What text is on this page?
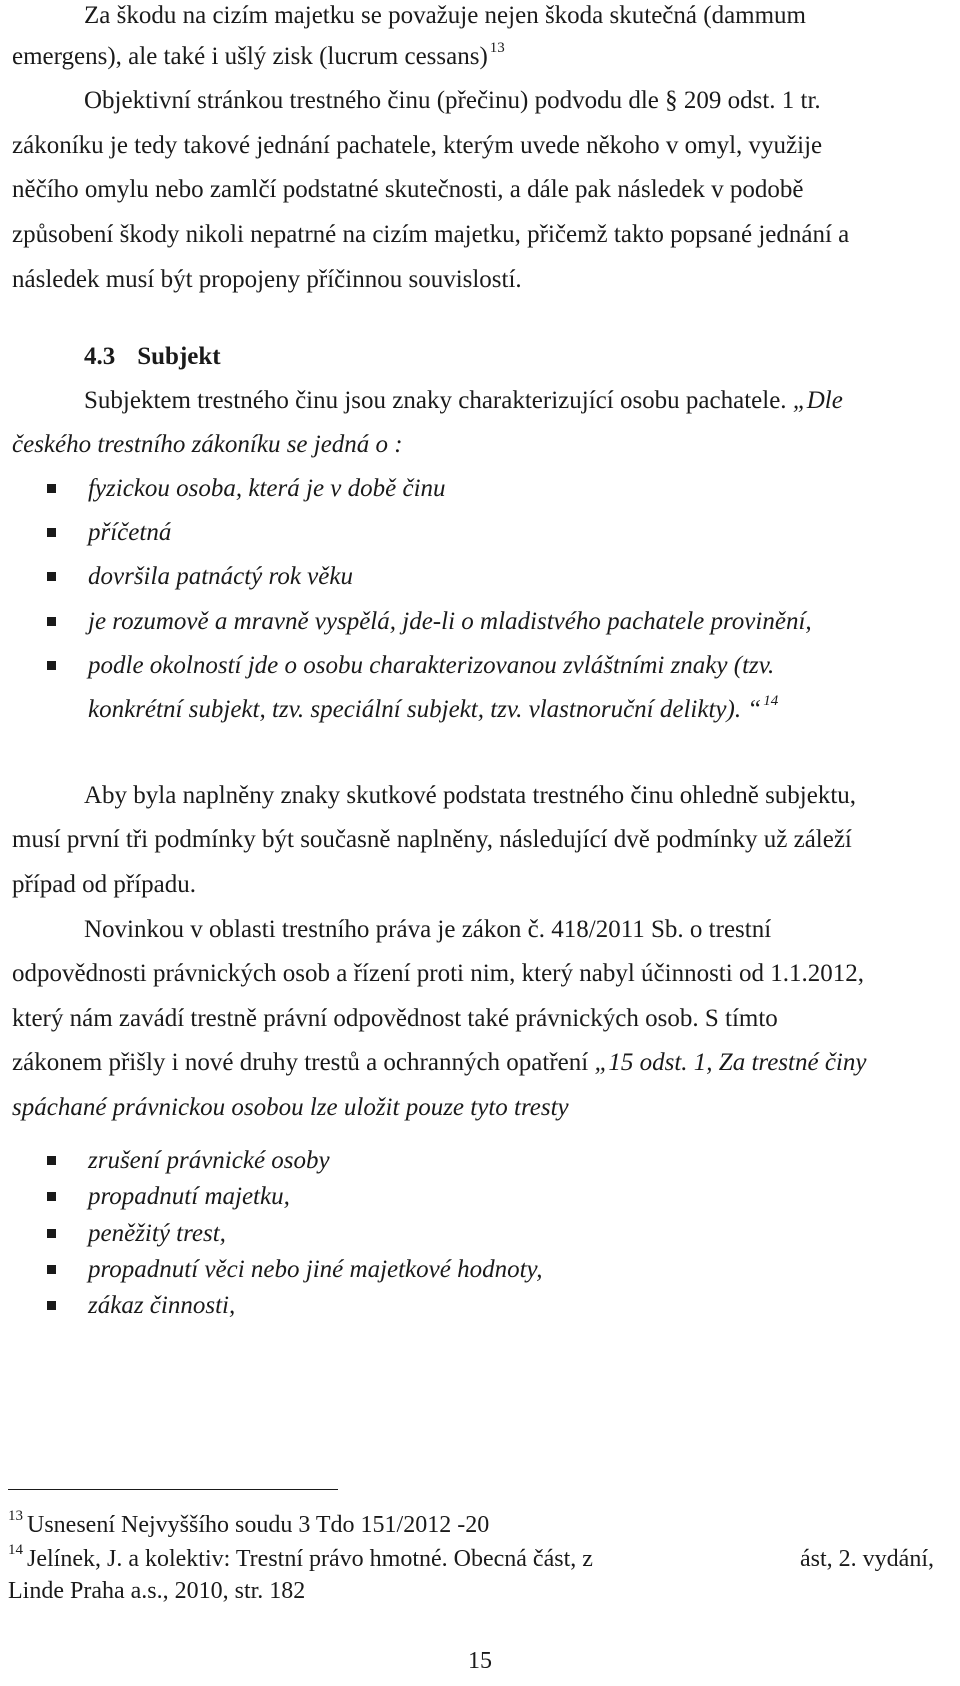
Za škodu na cizím majetku se považuje nejen škoda skutečná (dammum
emergens), ale také i ušlý zisk (lucrum cessans) $^{13}$
Objektivní stránkou trestného činu (přečinu) podvodu dle § 209 odst. 1 tr.
zákoníku je tedy takové jednání pachatele, kterým uvede někoho v omyl, využije
něčího omylu nebo zamlčí podstatné skutečnosti, a dále pak následek v podobě
způsobení škody nikoli nepatrné na cizím majetku, přičemž takto popsané jednání a
následek musí být propojeny příčinnou souvislostí.
4.3 Subjekt
Subjektem trestného činu jsou znaky charakterizující osobu pachatele. „Dle
českého trestního zákoníku se jedná o :
fyzickou osoba, která je v době činu
příčetná
dovršila patnáctý rok věku
je rozumově a mravně vyspělá, jde-li o mladistvého pachatele provinění,
podle okolností jde o osobu charakterizovanou zvláštními znaky (tzv.
konkrétní subjekt, tzv. speciální subjekt, tzv. vlastnoruční delikty). “ $^{14}$
Aby byla naplněny znaky skutkové podstata trestného činu ohledně subjektu,
musí první tři podmínky být současně naplněny, následující dvě podmínky už záleží
případ od případu.
Novinkou v oblasti trestního práva je zákon č. 418/2011 Sb. o trestní
odpovědnosti právnických osob a řízení proti nim, který nabyl účinnosti od 1.1.2012,
který nám zavádí trestně právní odpovědnost také právnických osob. S tímto
zákonem přišly i nové druhy trestů a ochranných opatření „15 odst. 1, Za trestné činy
spáchané právnickou osobou lze uložit pouze tyto tresty
zrušení právnické osoby
propadnutí majetku,
peněžitý trest,
propadnutí věci nebo jiné majetkové hodnoty,
zákaz činnosti,
$^{13}$ Usnesení Nejvyššího soudu 3 Tdo 151/2012 -20
$^{14}$ Jelínek, J. a kolektiv: Trestní právo hmotné. Obecná část, z	ást, 2. vydání,
Linde Praha a.s., 2010, str. 182
15
